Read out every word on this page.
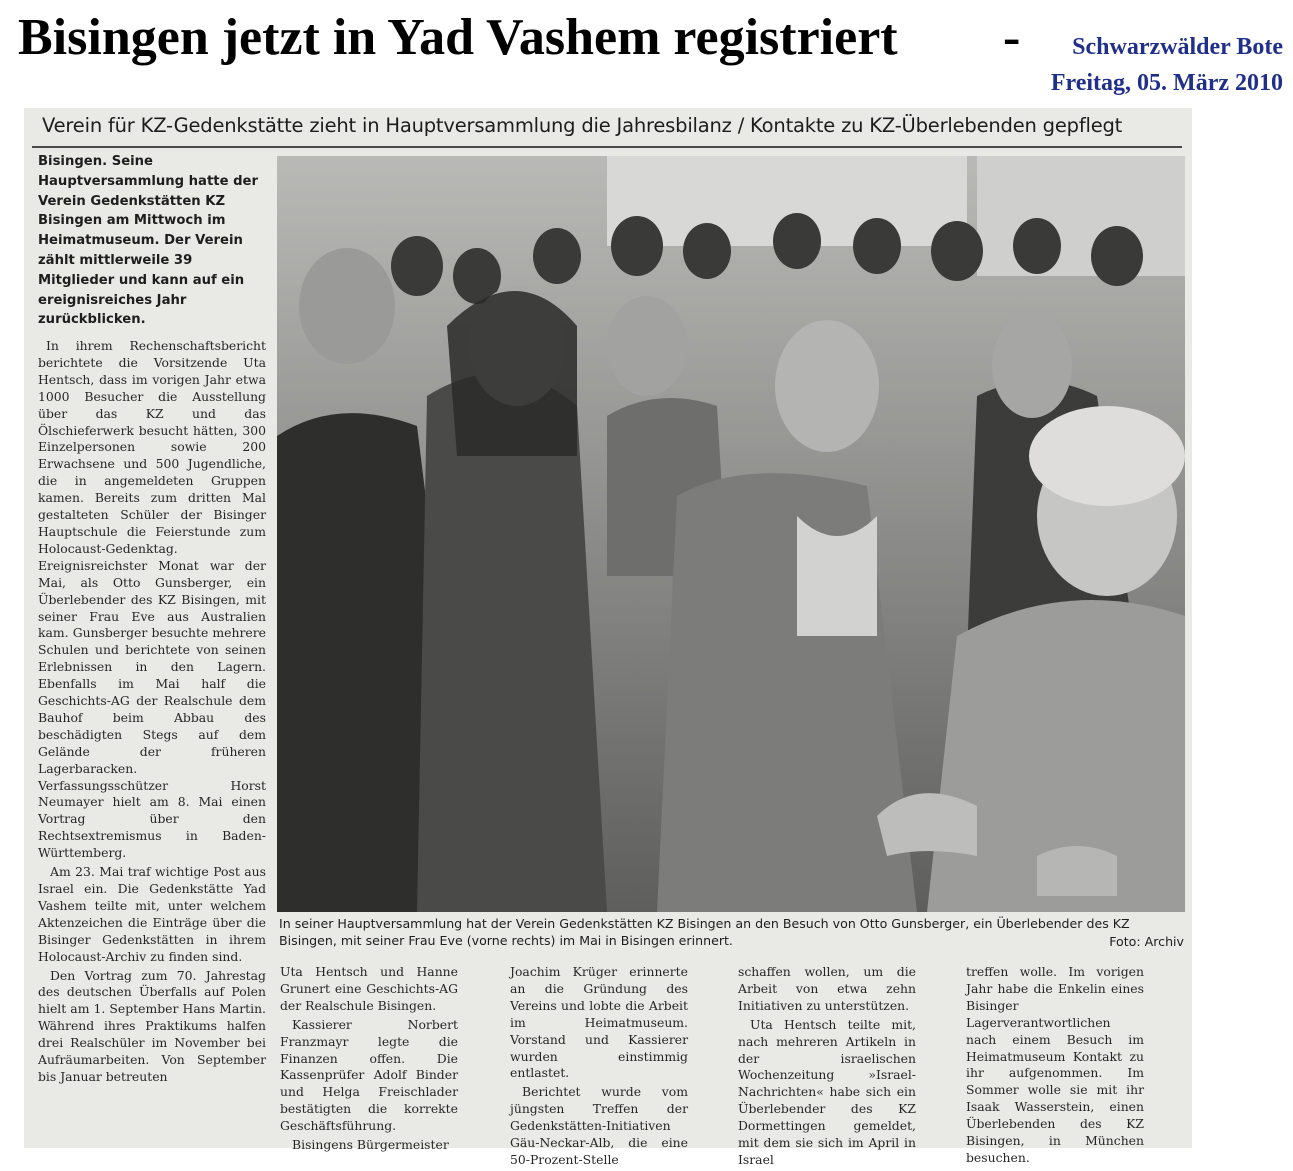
Bisingen jetzt in Yad Vashem registriert - Schwarzwälder Bote
Freitag, 05. März 2010
Verein für KZ-Gedenkstätte zieht in Hauptversammlung die Jahresbilanz / Kontakte zu KZ-Überlebenden gepflegt

Bisingen. Seine Hauptversammlung hatte der Verein Gedenkstätten KZ Bisingen am Mittwoch im Heimatmuseum. Der Verein zählt mittlerweile 39 Mitglieder und kann auf ein ereignisreiches Jahr zurückblicken.

In ihrem Rechenschaftsbericht berichtete die Vorsitzende Uta Hentsch, dass im vorigen Jahr etwa 1000 Besucher die Ausstellung über das KZ und das Ölschieferwerk besucht hätten, 300 Einzelpersonen sowie 200 Erwachsene und 500 Jugendliche, die in angemeldeten Gruppen kamen. Bereits zum dritten Mal gestalteten Schüler der Bisinger Hauptschule die Feierstunde zum Holocaust-Gedenktag. Ereignisreichster Monat war der Mai, als Otto Gunsberger, ein Überlebender des KZ Bisingen, mit seiner Frau Eve aus Australien kam. Gunsberger besuchte mehrere Schulen und berichtete von seinen Erlebnissen in den Lagern. Ebenfalls im Mai half die Geschichts-AG der Realschule dem Bauhof beim Abbau des beschädigten Stegs auf dem Gelände der früheren Lagerbaracken. Verfassungsschützer Horst Neumayer hielt am 8. Mai einen Vortrag über den Rechtsextremismus in Baden-Württemberg.

Am 23. Mai traf wichtige Post aus Israel ein. Die Gedenkstätte Yad Vashem teilte mit, unter welchem Aktenzeichen die Einträge über die Bisinger Gedenkstätten in ihrem Holocaust-Archiv zu finden sind.

Den Vortrag zum 70. Jahrestag des deutschen Überfalls auf Polen hielt am 1. September Hans Martin. Während ihres Praktikums halfen drei Realschüler im November bei Aufräumarbeiten. Von September bis Januar betreuten

In seiner Hauptversammlung hat der Verein Gedenkstätten KZ Bisingen an den Besuch von Otto Gunsberger, ein Überlebender des KZ Bisingen, mit seiner Frau Eve (vorne rechts) im Mai in Bisingen erinnert.	Foto: Archiv

Uta Hentsch und Hanne Grunert eine Geschichts-AG der Realschule Bisingen.

Kassierer Norbert Franzmayr legte die Finanzen offen. Die Kassenprüfer Adolf Binder und Helga Freischlader bestätigten die korrekte Geschäftsführung.

Bisingens Bürgermeister

Joachim Krüger erinnerte an die Gründung des Vereins und lobte die Arbeit im Heimatmuseum. Vorstand und Kassierer wurden einstimmig entlastet.

Berichtet wurde vom jüngsten Treffen der Gedenkstätten-Initiativen Gäu-Neckar-Alb, die eine 50-Prozent-Stelle

schaffen wollen, um die Arbeit von etwa zehn Initiativen zu unterstützen.

Uta Hentsch teilte mit, nach mehreren Artikeln in der israelischen Wochenzeitung »Israel-Nachrichten« habe sich ein Überlebender des KZ Dormettingen gemeldet, mit dem sie sich im April in Israel

treffen wolle. Im vorigen Jahr habe die Enkelin eines Bisinger Lagerverantwortlichen nach einem Besuch im Heimatmuseum Kontakt zu ihr aufgenommen. Im Sommer wolle sie mit ihr Isaak Wasserstein, einen Überlebenden des KZ Bisingen, in München besuchen.
